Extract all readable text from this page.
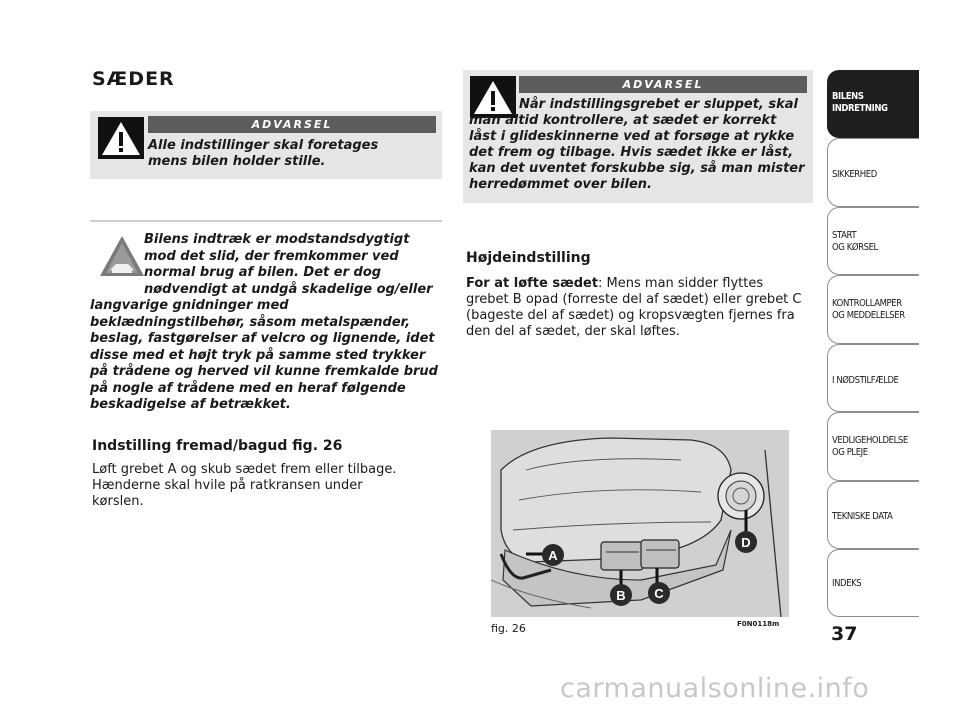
SÆDER
ADVARSEL
Alle indstillinger skal foretages mens bilen holder stille.
Bilens indtræk er modstandsdygtigt mod det slid, der fremkommer ved normal brug af bilen. Det er dog nødvendigt at undgå skadelige og/eller langvarige gnidninger med beklædningstilbehør, såsom metalspænder, beslag, fastgørelser af velcro og lignende, idet disse med et højt tryk på samme sted trykker på trådene og herved vil kunne fremkalde brud på nogle af trådene med en heraf følgende beskadigelse af betrækket.
Indstilling fremad/bagud fig. 26
Løft grebet A og skub sædet frem eller tilbage. Hænderne skal hvile på ratkransen under kørslen.
ADVARSEL
Når indstillingsgrebet er sluppet, skal man altid kontrollere, at sædet er korrekt låst i glideskinnerne ved at forsøge at rykke det frem og tilbage. Hvis sædet ikke er låst, kan det uventet forskubbe sig, så man mister herredømmet over bilen.
Højdeindstilling
For at løfte sædet: Mens man sidder flyttes grebet B opad (forreste del af sædet) eller grebet C (bageste del af sædet) og kropsvægten fjernes fra den del af sædet, der skal løftes.
A
B C
D
fig. 26	F0N0118m
BILENS
INDRETNING
SIKKERHED
START
OG KØRSEL
KONTROLLAMPER
OG MEDDELELSER
I NØDSTILFÆLDE
VEDLIGEHOLDELSE
OG PLEJE
TEKNISKE DATA
INDEKS
37
carmanualsonline.info
